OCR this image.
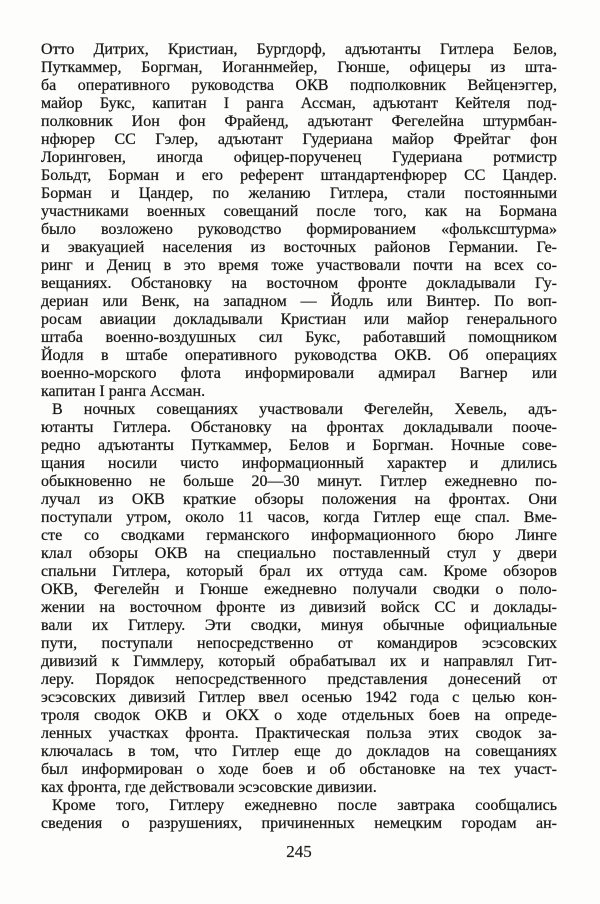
Отто Дитрих, Кристиан, Бургдорф, адъютанты Гитлера Белов,
Путкаммер, Боргман, Иоганнмейер, Гюнше, офицеры из шта-
ба оперативного руководства ОКВ подполковник Вейценэггер,
майор Букс, капитан I ранга Ассман, адъютант Кейтеля под-
полковник Ион фон Фрайенд, адъютант Фегелейна штурмбан-
нфюрер СС Гэлер, адъютант Гудериана майор Фрейтаг фон
Лоринговен, иногда офицер-порученец Гудериана ротмистр
Больдт, Борман и его референт штандартенфюрер СС Цандер.
Борман и Цандер, по желанию Гитлера, стали постоянными
участниками военных совещаний после того, как на Бормана
было возложено руководство формированием «фольксштурма»
и эвакуацией населения из восточных районов Германии. Ге-
ринг и Дениц в это время тоже участвовали почти на всех со-
вещаниях. Обстановку на восточном фронте докладывали Гу-
дериан или Венк, на западном — Йодль или Винтер. По воп-
росам авиации докладывали Кристиан или майор генерального
штаба военно-воздушных сил Букс, работавший помощником
Йодля в штабе оперативного руководства ОКВ. Об операциях
военно-морского флота информировали адмирал Вагнер или
капитан I ранга Ассман.
В ночных совещаниях участвовали Фегелейн, Хевель, адъ-
ютанты Гитлера. Обстановку на фронтах докладывали пооче-
редно адъютанты Путкаммер, Белов и Боргман. Ночные сове-
щания носили чисто информационный характер и длились
обыкновенно не больше 20—30 минут. Гитлер ежедневно по-
лучал из ОКВ краткие обзоры положения на фронтах. Они
поступали утром, около 11 часов, когда Гитлер еще спал. Вме-
сте со сводками германского информационного бюро Линге
клал обзоры ОКВ на специально поставленный стул у двери
спальни Гитлера, который брал их оттуда сам. Кроме обзоров
ОКВ, Фегелейн и Гюнше ежедневно получали сводки о поло-
жении на восточном фронте из дивизий войск СС и доклады-
вали их Гитлеру. Эти сводки, минуя обычные официальные
пути, поступали непосредственно от командиров эсэсовских
дивизий к Гиммлеру, который обрабатывал их и направлял Гит-
леру. Порядок непосредственного представления донесений от
эсэсовских дивизий Гитлер ввел осенью 1942 года с целью кон-
троля сводок ОКВ и ОКХ о ходе отдельных боев на опреде-
ленных участках фронта. Практическая польза этих сводок за-
ключалась в том, что Гитлер еще до докладов на совещаниях
был информирован о ходе боев и об обстановке на тех участ-
ках фронта, где действовали эсэсовские дивизии.
Кроме того, Гитлеру ежедневно после завтрака сообщались
сведения о разрушениях, причиненных немецким городам ан-
245
